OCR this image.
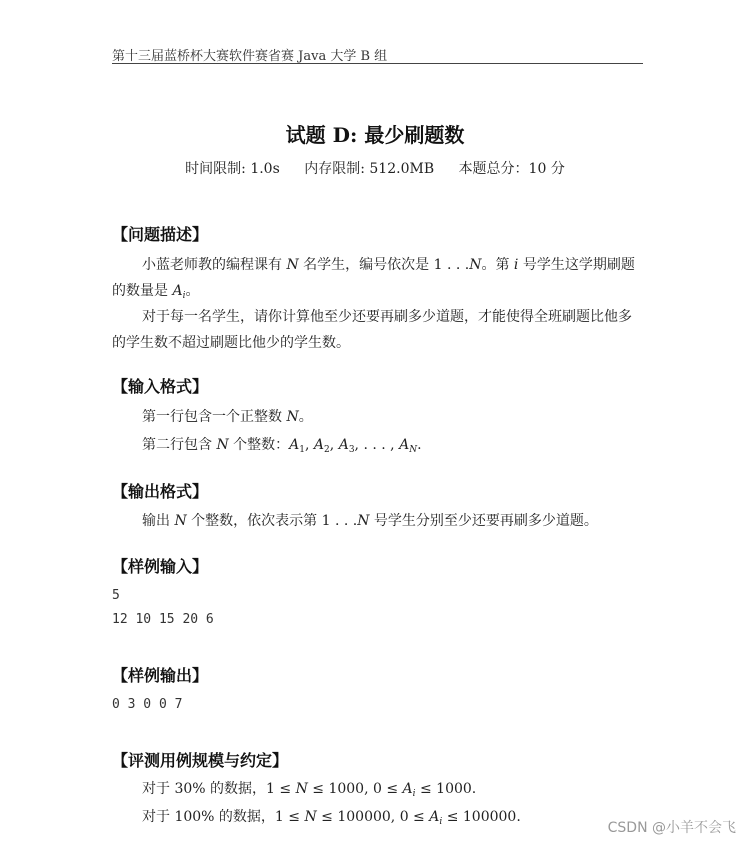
第十三届蓝桥杯大赛软件赛省赛 Java 大学 B 组
试题 D: 最少刷题数
时间限制: 1.0s 内存限制: 512.0MB 本题总分：10 分
【问题描述】
小蓝老师教的编程课有 N 名学生，编号依次是 1 . . .N。第 i 号学生这学期刷题的数量是 $A_i$。
对于每一名学生，请你计算他至少还要再刷多少道题，才能使得全班刷题比他多的学生数不超过刷题比他少的学生数。
【输入格式】
第一行包含一个正整数 N。
第二行包含 N 个整数：$A_1$, $A_2$, $A_3$, . . . , $A_N$.
【输出格式】
输出 N 个整数，依次表示第 1 . . .N 号学生分别至少还要再刷多少道题。
【样例输入】
5
12 10 15 20 6
【样例输出】
0 3 0 0 7
【评测用例规模与约定】
对于 30% 的数据，1 ≤ N ≤ 1000, $0 \le A_i \le 1000$.
对于 100% 的数据，1 ≤ N ≤ 100000, $0 \le A_i \le 100000$.
CSDN @小羊不会飞
